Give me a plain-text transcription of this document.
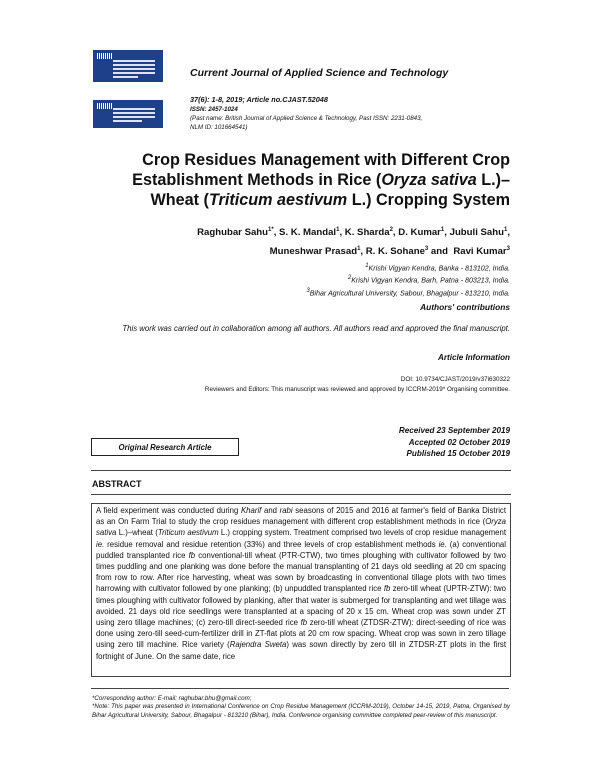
Current Journal of Applied Science and Technology
37(6): 1-8, 2019; Article no.CJAST.52048
ISSN: 2457-1024
(Past name: British Journal of Applied Science & Technology, Past ISSN: 2231-0843,
NLM ID: 101664541)
Crop Residues Management with Different Crop
Establishment Methods in Rice (Oryza sativa L.)–
Wheat (Triticum aestivum L.) Cropping System
Raghubar Sahu$^{1*}$, S. K. Mandal$^1$, K. Sharda$^2$, D. Kumar$^1$, Jubuli Sahu$^1$,
Muneshwar Prasad$^1$, R. K. Sohane$^3$ and  Ravi Kumar$^3$
$^1$Krishi Vigyan Kendra, Banka - 813102, India.
$^2$Krishi Vigyan Kendra, Barh, Patna - 803213, India.
$^3$Bihar Agricultural University, Sabour, Bhagalpur - 813210, India.
Authors' contributions
This work was carried out in collaboration among all authors. All authors read and approved the final manuscript.
Article Information
DOI: 10.9734/CJAST/2019/v37i630322
Reviewers and Editors: This manuscript was reviewed and approved by ICCRM-2019* Organising committee.
Original Research Article
Received 23 September 2019
Accepted 02 October 2019
Published 15 October 2019
ABSTRACT
A field experiment was conducted during Kharif and rabi seasons of 2015 and 2016 at farmer's field of Banka District as an On Farm Trial to study the crop residues management with different crop establishment methods in rice (Oryza sativa L.)–wheat (Triticum aestivum L.) cropping system. Treatment comprised two levels of crop residue management ie. residue removal and residue retention (33%) and three levels of crop establishment methods ie. (a) conventional puddled transplanted rice fb conventional-till wheat (PTR-CTW), two times ploughing with cultivator followed by two times puddling and one planking was done before the manual transplanting of 21 days old seedling at 20 cm spacing from row to row. After rice harvesting, wheat was sown by broadcasting in conventional tillage plots with two times harrowing with cultivator followed by one planking; (b) unpuddled transplanted rice fb zero-till wheat (UPTR-ZTW): two times ploughing with cultivator followed by planking, after that water is submerged for transplanting and wet tillage was avoided. 21 days old rice seedlings were transplanted at a spacing of 20 x 15 cm. Wheat crop was sown under ZT using zero tillage machines; (c) zero-till direct-seeded rice fb zero-till wheat (ZTDSR-ZTW): direct-seeding of rice was done using zero-till seed-cum-fertilizer drill in ZT-flat plots at 20 cm row spacing. Wheat crop was sown in zero tillage using zero till machine. Rice variety (Rajendra Sweta) was sown directly by zero till in ZTDSR-ZT plots in the first fortnight of June. On the same date, rice
*Corresponding author: E-mail: raghubar.bhu@gmail.com;
*Note: This paper was presented in International Conference on Crop Residue Management (ICCRM-2019), October 14-15, 2019, Patna, Organised by Bihar Agricultural University, Sabour, Bhagalpur - 813210 (Bihar), India. Conference organising committee completed peer-review of this manuscript.
